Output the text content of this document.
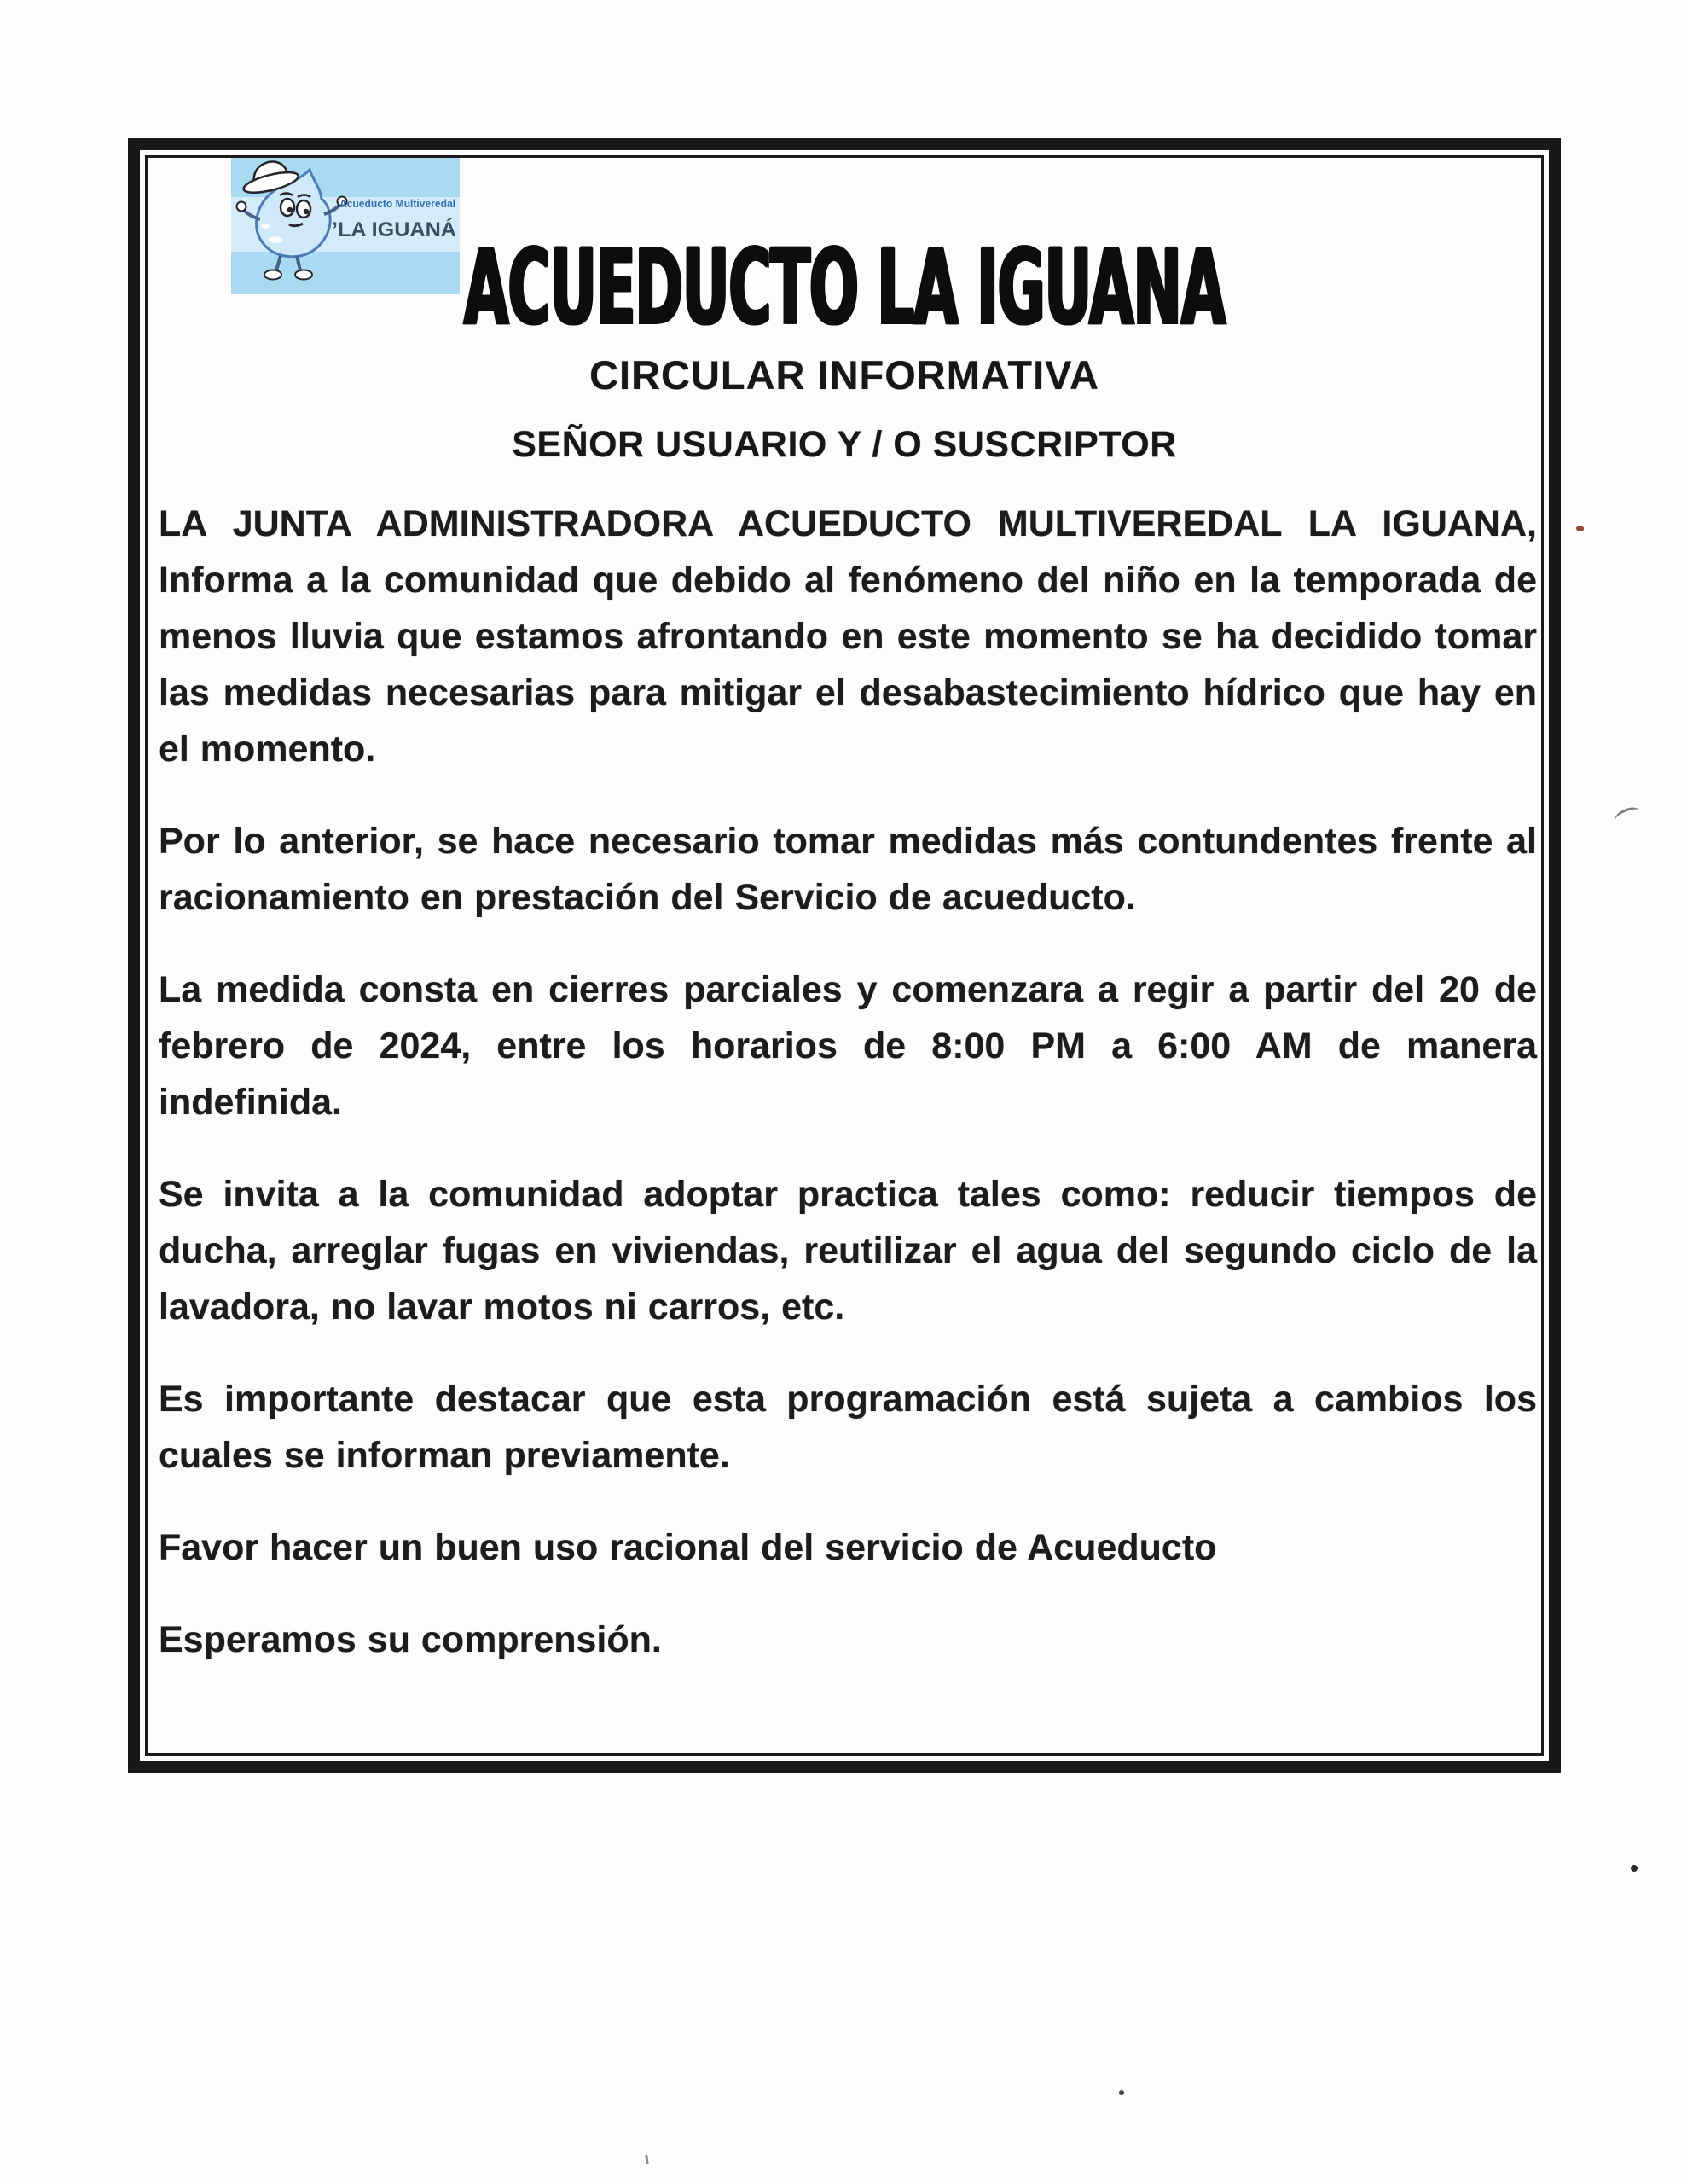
Acueducto Multiveredal
’LA IGUANÁ ACUEDUCTO LA IGUANA
CIRCULAR INFORMATIVA
SEÑOR USUARIO Y / O SUSCRIPTOR

LA JUNTA ADMINISTRADORA ACUEDUCTO MULTIVEREDAL LA IGUANA, Informa a la comunidad que debido al fenómeno del niño en la temporada de menos lluvia que estamos afrontando en este momento se ha decidido tomar las medidas necesarias para mitigar el desabastecimiento hídrico que hay en el momento.

Por lo anterior, se hace necesario tomar medidas más contundentes frente al racionamiento en prestación del Servicio de acueducto.

La medida consta en cierres parciales y comenzara a regir a partir del 20 de febrero de 2024, entre los horarios de 8:00 PM a 6:00 AM de manera indefinida.

Se invita a la comunidad adoptar practica tales como: reducir tiempos de ducha, arreglar fugas en viviendas, reutilizar el agua del segundo ciclo de la lavadora, no lavar motos ni carros, etc.

Es importante destacar que esta programación está sujeta a cambios los cuales se informan previamente.

Favor hacer un buen uso racional del servicio de Acueducto

Esperamos su comprensión.
